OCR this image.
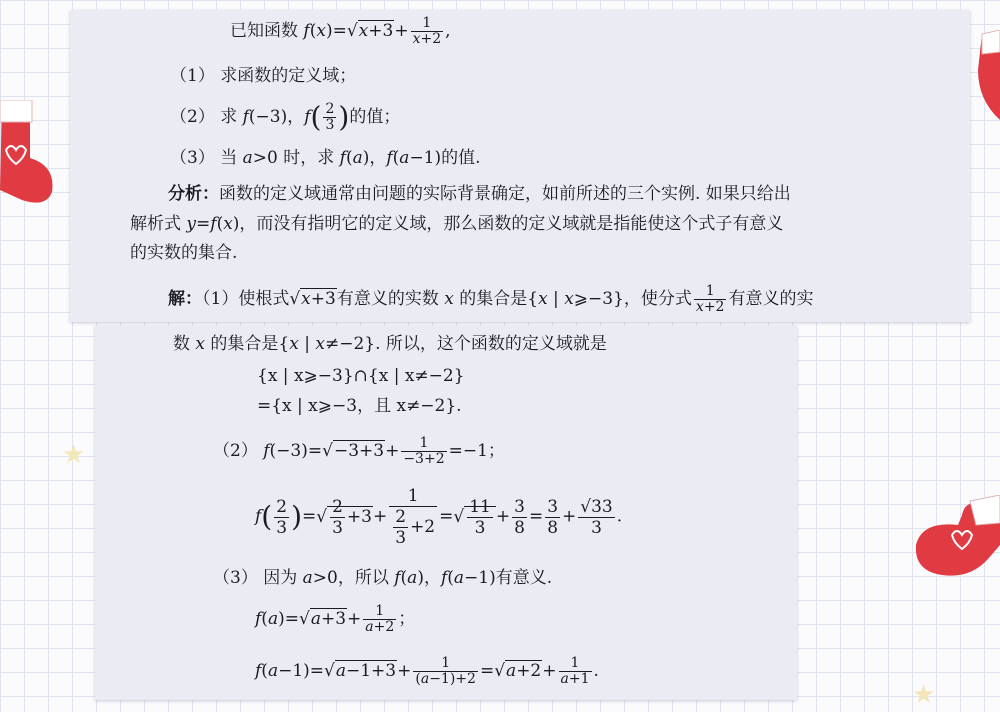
★
★
已知函数 $f(x)=√x+3+ \frac{1}{x+2}$ ,
（1） 求函数的定义域；
（2） 求 f(−3)，$f( \frac{2}{3}$ )的值；
（3） 当 a>0 时，求 f(a)，f(a−1)的值.
分析：函数的定义域通常由问题的实际背景确定，如前所述的三个实例. 如果只给出
解析式 y=f(x)，而没有指明它的定义域，那么函数的定义域就是指能使这个式子有意义
的实数的集合.
解：（1）使根式√x+3有意义的实数 x 的集合是{x | x⩾−3}，使分式 $\frac{1}{x+2}$ 有意义的实
数 x 的集合是{x | x≠−2}. 所以，这个函数的定义域就是
{x | x⩾−3}∩{x | x≠−2}
={x | x⩾−3，且 x≠−2}.
（2） $f(-3)=√-3+3+ \frac{1}{-3+2} =-1$；
$f( \frac{2}{3}$ )=√ $\frac{2}{3} +3+ \frac{1}{\frac{2}{3} +2}$ =√ $\frac{11}{3} + \frac{3}{8} = \frac{3}{8} + \frac{√33}{3}$ .
（3） 因为 a>0，所以 f(a)，f(a−1)有意义.
$f(a)=√a+3+ \frac{1}{a+2}$ ；
$f(a-1)=√a-1+3+ \frac{1}{(a-1)+2} =√a+2+ \frac{1}{a+1}$ .
